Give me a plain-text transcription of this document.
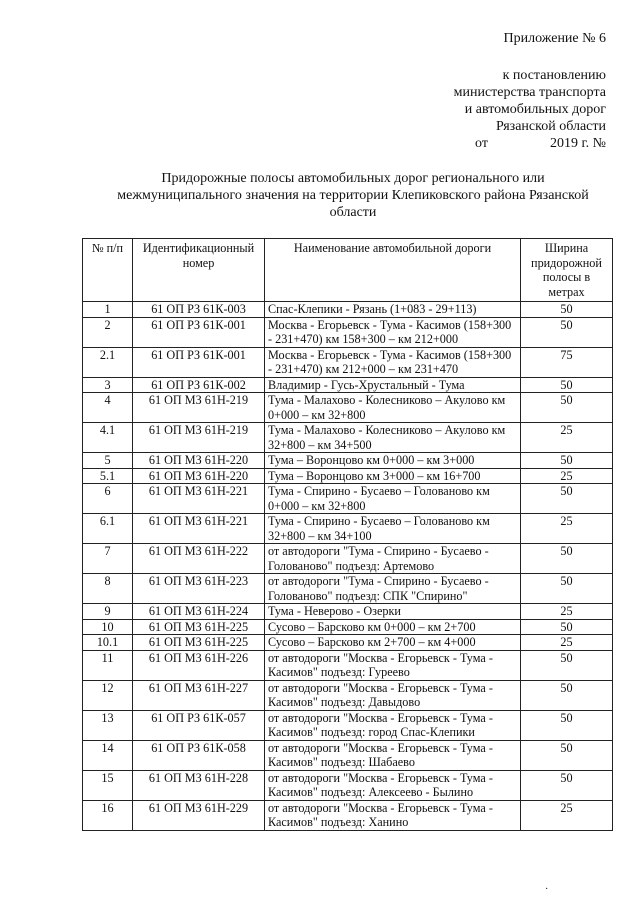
Приложение № 6
к постановлению
министерства транспорта
и автомобильных дорог
Рязанской области
от	2019 г. №
Придорожные полосы автомобильных дорог регионального или межмуниципального значения на территории Клепиковского района Рязанской области
№ п/п	Идентификационный номер	Наименование автомобильной дороги	Ширина придорожной полосы в метрах
1	61 ОП РЗ 61К-003	Спас-Клепики - Рязань (1+083 - 29+113)	50
2	61 ОП РЗ 61К-001	Москва - Егорьевск - Тума - Касимов (158+300 - 231+470) км 158+300 – км 212+000	50
2.1	61 ОП РЗ 61К-001	Москва - Егорьевск - Тума - Касимов (158+300 - 231+470) км 212+000 – км 231+470	75
3	61 ОП РЗ 61К-002	Владимир - Гусь-Хрустальный - Тума	50
4	61 ОП МЗ 61Н-219	Тума - Малахово - Колесниково – Акулово км 0+000 – км 32+800	50
4.1	61 ОП МЗ 61Н-219	Тума - Малахово - Колесниково – Акулово км 32+800 – км 34+500	25
5	61 ОП МЗ 61Н-220	Тума – Воронцово км 0+000 – км 3+000	50
5.1	61 ОП МЗ 61Н-220	Тума – Воронцово км 3+000 – км 16+700	25
6	61 ОП МЗ 61Н-221	Тума - Спирино - Бусаево – Голованово км 0+000 – км 32+800	50
6.1	61 ОП МЗ 61Н-221	Тума - Спирино - Бусаево – Голованово км 32+800 – км 34+100	25
7	61 ОП МЗ 61Н-222	от автодороги "Тума - Спирино - Бусаево - Голованово" подъезд: Артемово	50
8	61 ОП МЗ 61Н-223	от автодороги "Тума - Спирино - Бусаево - Голованово" подъезд: СПК "Спирино"	50
9	61 ОП МЗ 61Н-224	Тума - Неверово - Озерки	25
10	61 ОП МЗ 61Н-225	Сусово – Барсково км 0+000 – км 2+700	50
10.1	61 ОП МЗ 61Н-225	Сусово – Барсково км 2+700 – км 4+000	25
11	61 ОП МЗ 61Н-226	от автодороги "Москва - Егорьевск - Тума - Касимов" подъезд: Гуреево	50
12	61 ОП МЗ 61Н-227	от автодороги "Москва - Егорьевск - Тума - Касимов" подъезд: Давыдово	50
13	61 ОП РЗ 61К-057	от автодороги "Москва - Егорьевск - Тума - Касимов" подъезд: город Спас-Клепики	50
14	61 ОП РЗ 61К-058	от автодороги "Москва - Егорьевск - Тума - Касимов" подъезд: Шабаево	50
15	61 ОП МЗ 61Н-228	от автодороги "Москва - Егорьевск - Тума - Касимов" подъезд: Алексеево - Былино	50
16	61 ОП МЗ 61Н-229	от автодороги "Москва - Егорьевск - Тума - Касимов" подъезд: Ханино	25
·
